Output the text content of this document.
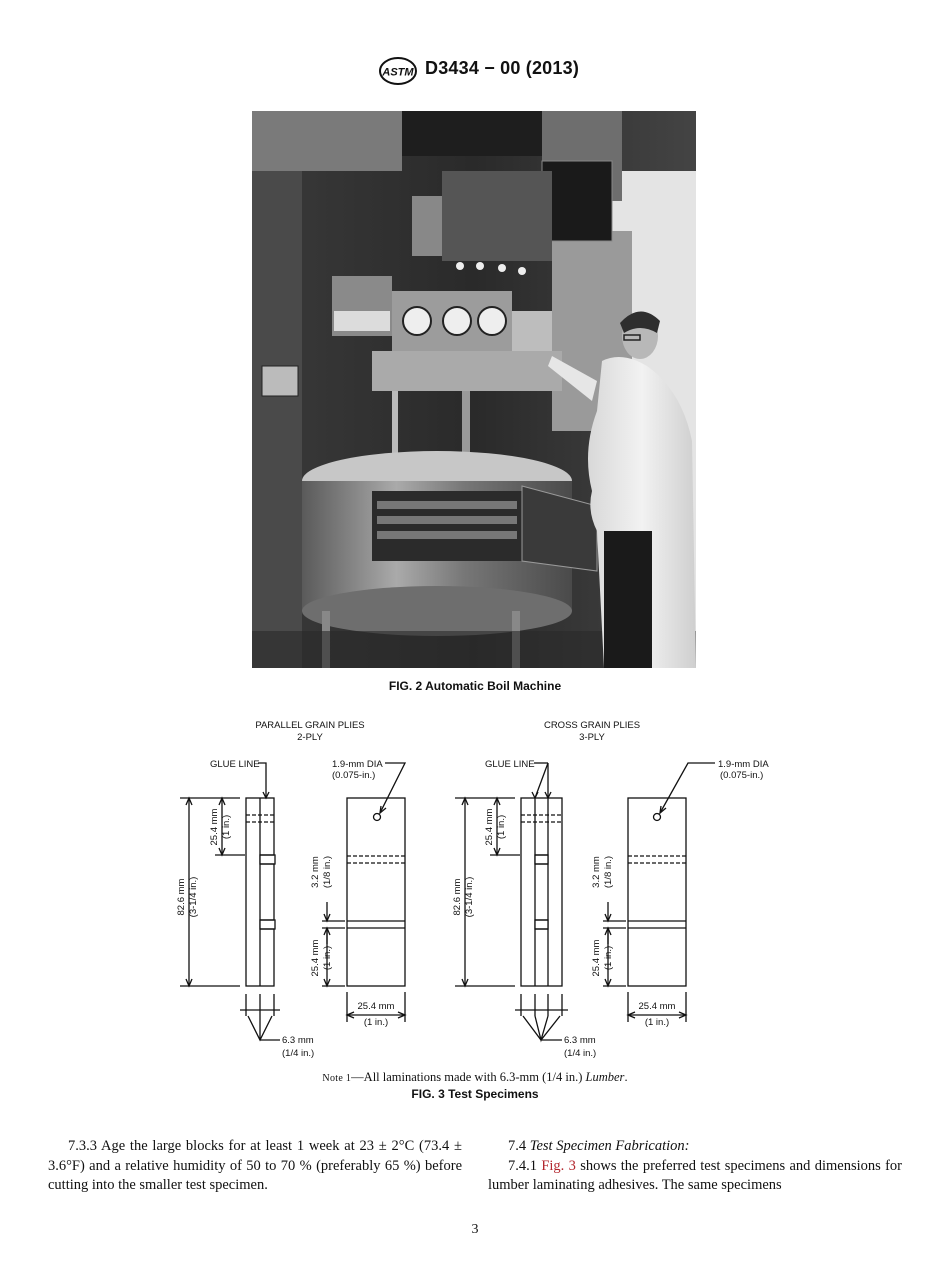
ASTM D3434 − 00 (2013)
FIG. 2 Automatic Boil Machine
PARALLEL GRAIN PLIES
2-PLY
GLUE LINE	1.9-mm DIA
(0.075-in.)
82.6 mm (3-1/4 in.)
25.4 mm (1 in.)
3.2 mm (1/8 in.)
25.4 mm (1 in.)
25.4 mm
(1 in.)
6.3 mm
(1/4 in.)
CROSS GRAIN PLIES
3-PLY
GLUE LINE	1.9-mm DIA
(0.075-in.)
82.6 mm (3-1/4 in.)
25.4 mm (1 in.)
3.2 mm (1/8 in.)
25.4 mm (1 in.)
25.4 mm
(1 in.)
6.3 mm
(1/4 in.)
Note 1—All laminations made with 6.3-mm (1/4 in.) Lumber.
FIG. 3 Test Specimens

7.3.3 Age the large blocks for at least 1 week at 23 ± 2°C (73.4 ± 3.6°F) and a relative humidity of 50 to 70 % (preferably 65 %) before cutting into the smaller test specimen.

7.4 Test Specimen Fabrication:

7.4.1 Fig. 3 shows the preferred test specimens and dimensions for lumber laminating adhesives. The same specimens

3
